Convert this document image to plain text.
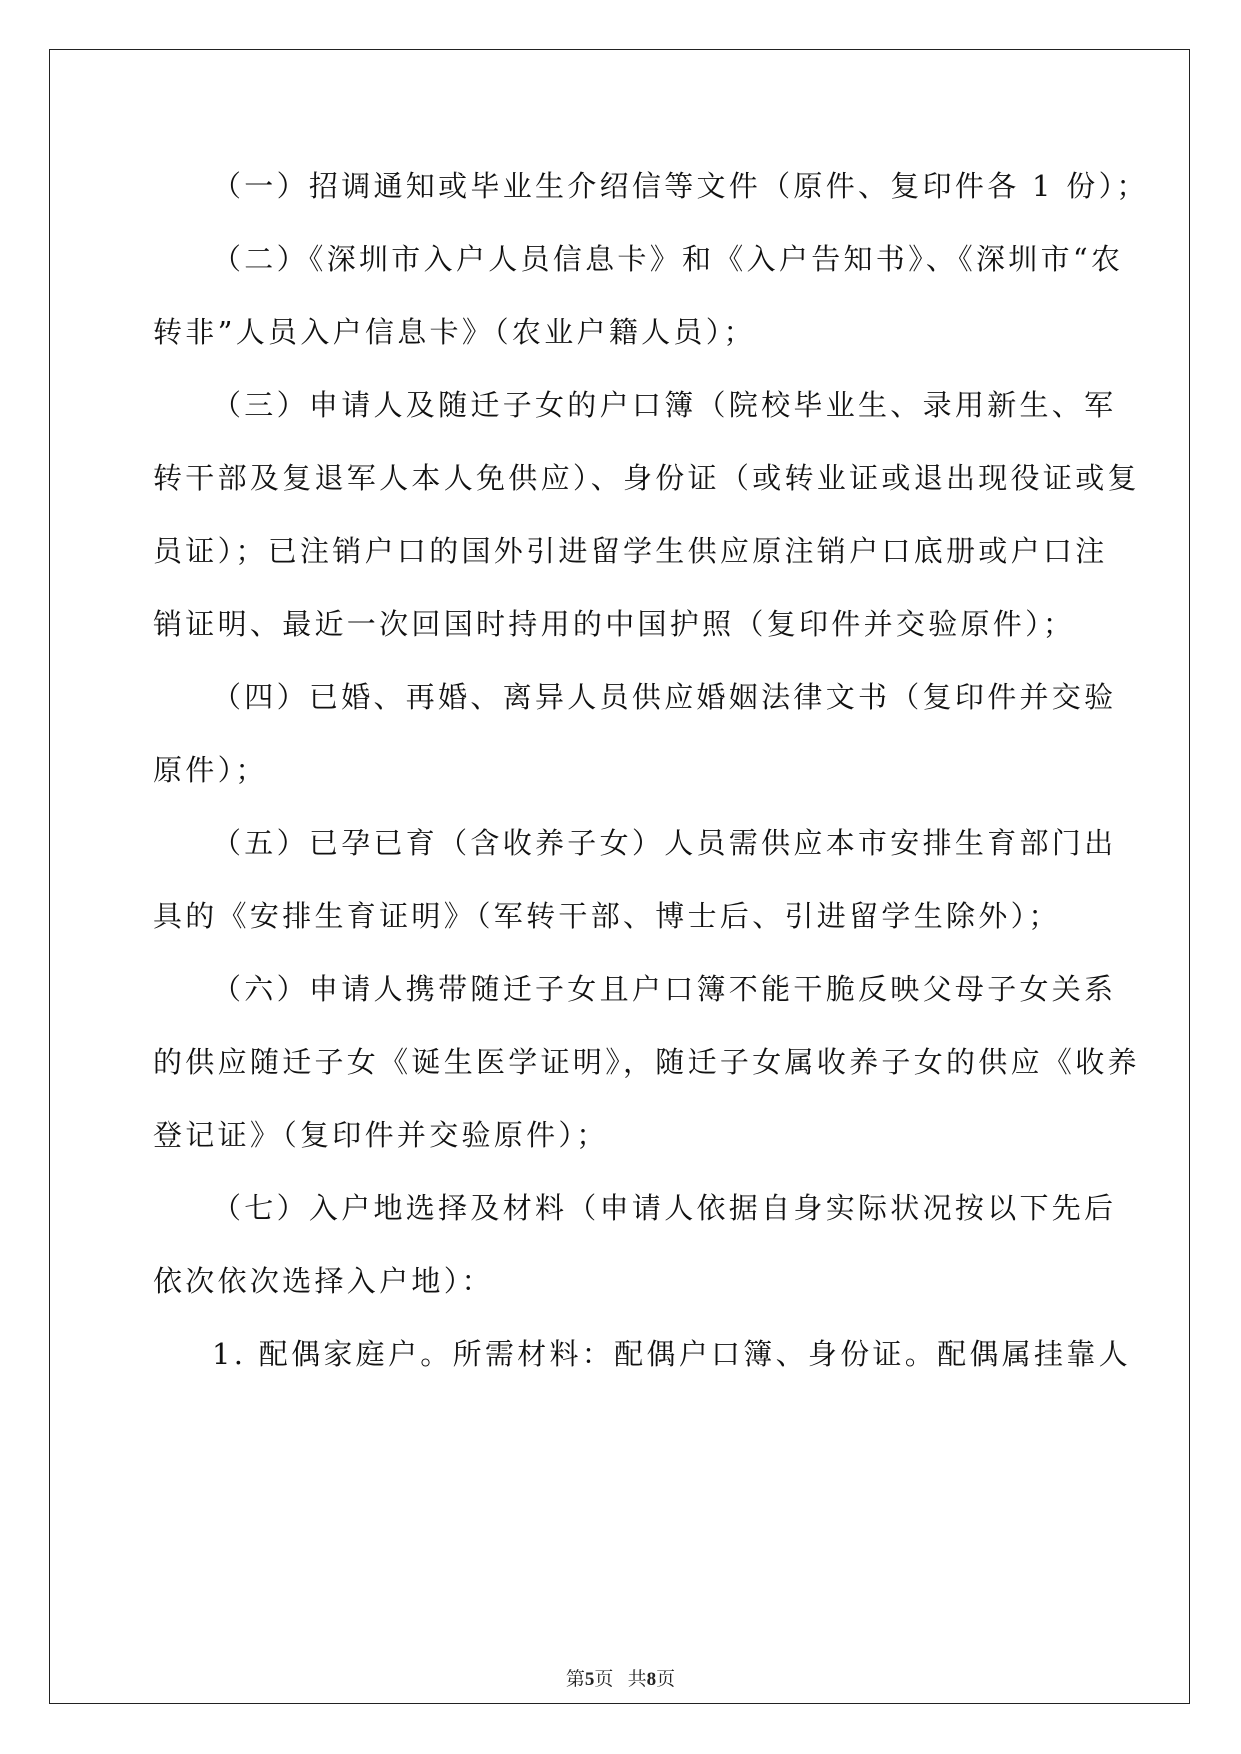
（一）招调通知或毕业生介绍信等文件（原件、复印件各 1 份）；
（二）《深圳市入户人员信息卡》和《入户告知书》、《深圳市“农
转非”人员入户信息卡》（农业户籍人员）；
（三）申请人及随迁子女的户口簿（院校毕业生、录用新生、军
转干部及复退军人本人免供应）、身份证（或转业证或退出现役证或复
员证）；已注销户口的国外引进留学生供应原注销户口底册或户口注
销证明、最近一次回国时持用的中国护照（复印件并交验原件）；
（四）已婚、再婚、离异人员供应婚姻法律文书（复印件并交验
原件）；
（五）已孕已育（含收养子女）人员需供应本市安排生育部门出
具的《安排生育证明》（军转干部、博士后、引进留学生除外）；
（六）申请人携带随迁子女且户口簿不能干脆反映父母子女关系
的供应随迁子女《诞生医学证明》，随迁子女属收养子女的供应《收养
登记证》（复印件并交验原件）；
（七）入户地选择及材料（申请人依据自身实际状况按以下先后
依次依次选择入户地）：
1. 配偶家庭户。所需材料：配偶户口簿、身份证。配偶属挂靠人
第5页 共8页
